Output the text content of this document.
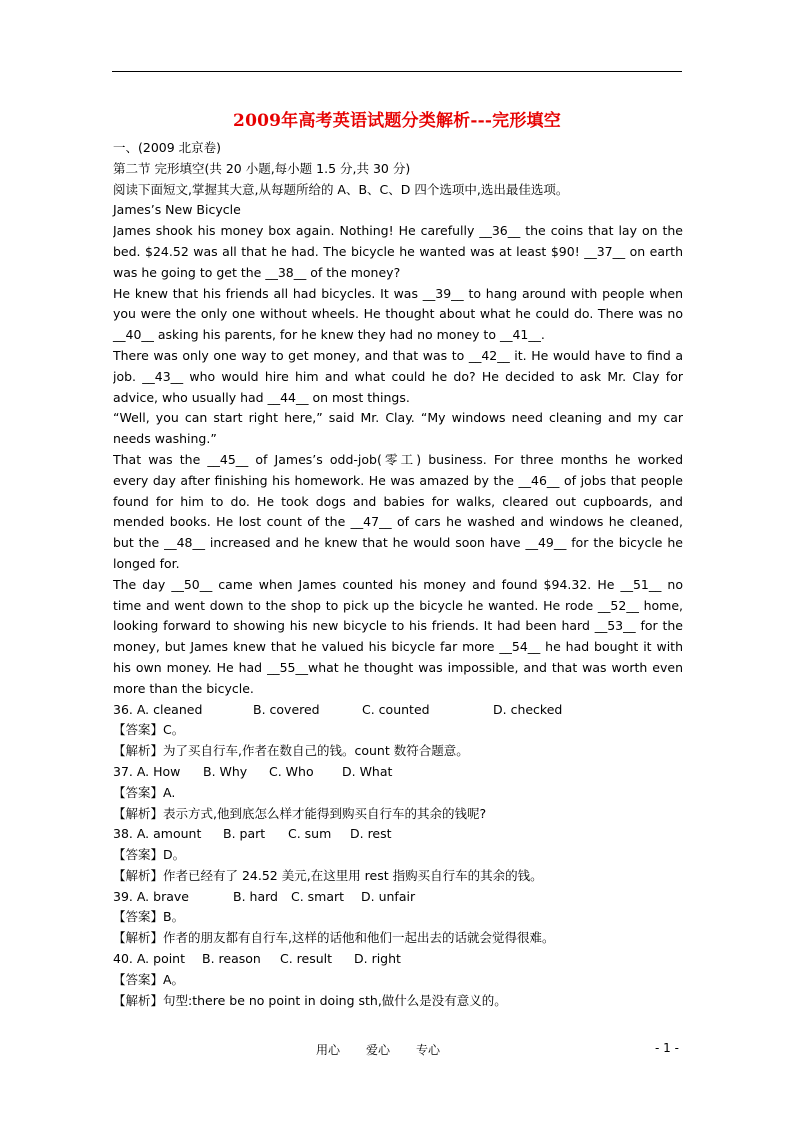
2009年高考英语试题分类解析---完形填空
一、(2009 北京卷)
第二节 完形填空(共 20 小题,每小题 1.5 分,共 30 分)
阅读下面短文,掌握其大意,从每题所给的 A、B、C、D 四个选项中,选出最佳选项。
James’s New Bicycle
James shook his money box again. Nothing! He carefully __36__ the coins that lay on the
bed. $24.52 was all that he had. The bicycle he wanted was at least $90! __37__ on earth
was he going to get the __38__ of the money?
He knew that his friends all had bicycles. It was __39__ to hang around with people when
you were the only one without wheels. He thought about what he could do. There was no
__40__ asking his parents, for he knew they had no money to __41__.
There was only one way to get money, and that was to __42__ it. He would have to find a
job. __43__ who would hire him and what could he do? He decided to ask Mr. Clay for
advice, who usually had __44__ on most things.
“Well, you can start right here,” said Mr. Clay. “My windows need cleaning and my car
needs washing.”
That was the __45__ of James’s odd-job(零工) business. For three months he worked
every day after finishing his homework. He was amazed by the __46__ of jobs that people
found for him to do. He took dogs and babies for walks, cleared out cupboards, and
mended books. He lost count of the __47__ of cars he washed and windows he cleaned,
but the __48__ increased and he knew that he would soon have __49__ for the bicycle he
longed for.
The day __50__ came when James counted his money and found $94.32. He __51__ no
time and went down to the shop to pick up the bicycle he wanted. He rode __52__ home,
looking forward to showing his new bicycle to his friends. It had been hard __53__ for the
money, but James knew that he valued his bicycle far more __54__ he had bought it with
his own money. He had __55__what he thought was impossible, and that was worth even
more than the bicycle.
36. A. cleaned	B. covered	C. counted	D. checked
【答案】C。
【解析】为了买自行车,作者在数自己的钱。count 数符合题意。
37. A. How B. Why C. Who D. What
【答案】A.
【解析】表示方式,他到底怎么样才能得到购买自行车的其余的钱呢?
38. A. amount B. part C. sum D. rest
【答案】D。
【解析】作者已经有了 24.52 美元,在这里用 rest 指购买自行车的其余的钱。
39. A. brave	B. hard C. smart D. unfair
【答案】B。
【解析】作者的朋友都有自行车,这样的话他和他们一起出去的话就会觉得很难。
40. A. point B. reason C. result D. right
【答案】A。
【解析】句型:there be no point in doing sth,做什么是没有意义的。
用心 爱心 专心	- 1 -
